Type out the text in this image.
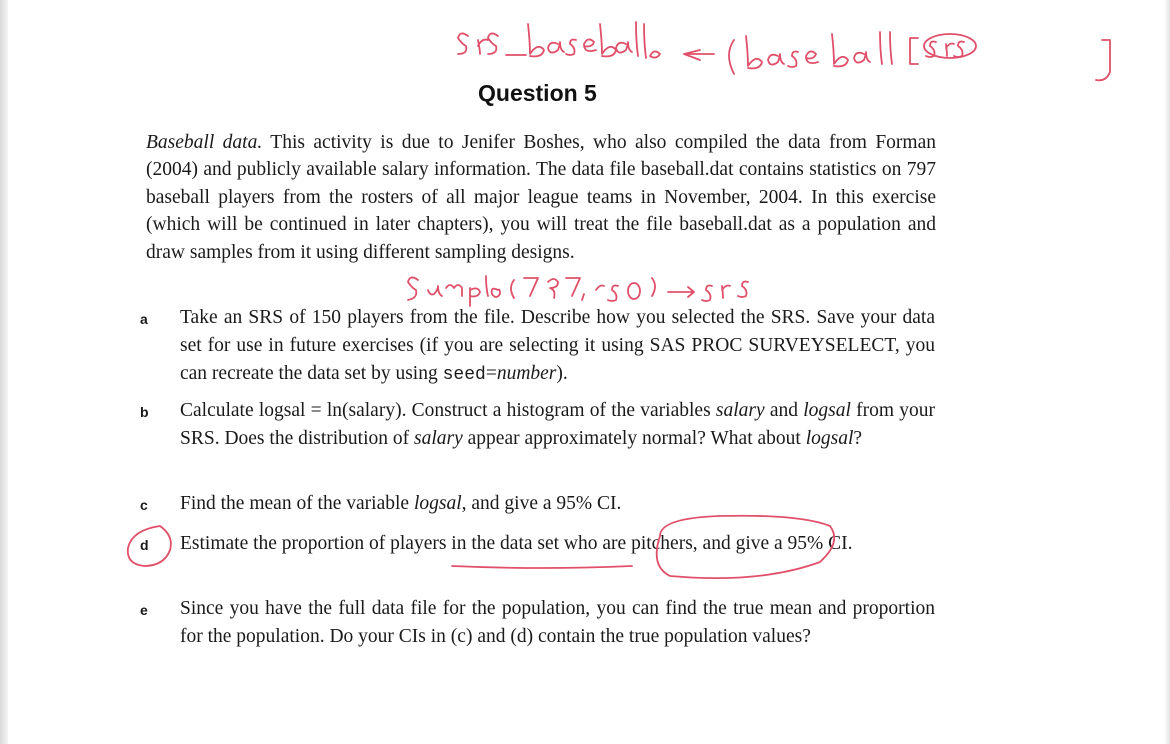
Question 5

Baseball data. This activity is due to Jenifer Boshes, who also compiled the data from Forman (2004) and publicly available salary information. The data file baseball.dat contains statistics on 797 baseball players from the rosters of all major league teams in November, 2004. In this exercise (which will be continued in later chapters), you will treat the file baseball.dat as a population and draw samples from it using different sampling designs.

a Take an SRS of 150 players from the file. Describe how you selected the SRS. Save your data set for use in future exercises (if you are selecting it using SAS PROC SURVEYSELECT, you can recreate the data set by using seed=number).
b Calculate logsal = ln(salary). Construct a histogram of the variables salary and logsal from your SRS. Does the distribution of salary appear approximately normal? What about logsal?
c Find the mean of the variable logsal, and give a 95% CI.
d Estimate the proportion of players in the data set who are pitchers, and give a 95% CI.
e Since you have the full data file for the population, you can find the true mean and proportion for the population. Do your CIs in (c) and (d) contain the true population values?
